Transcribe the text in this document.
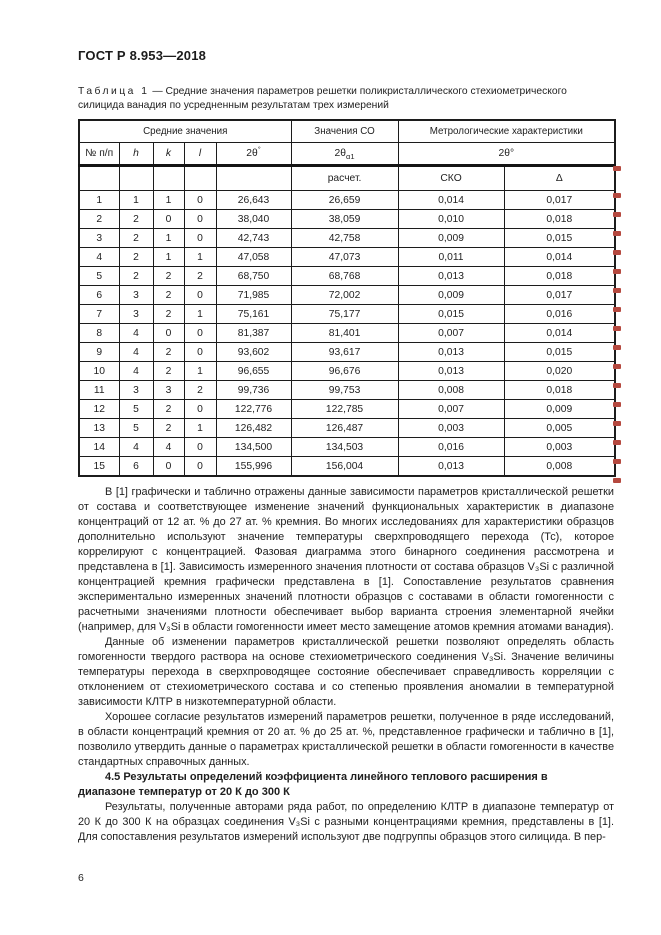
ГОСТ Р 8.953—2018
Таблица 1 — Средние значения параметров решетки поликристаллического стехиометрического силицида ванадия по усредненным результатам трех измерений
Средние значения					Значения СО	Метрологические характеристики	
№ п/п	h	k	l	2θ°	$2\theta_{\alpha 1}$	2θ°	
					расчет.	СКО	Δ
1	1	1	0	26,643	26,659	0,014	0,017
2	2	0	0	38,040	38,059	0,010	0,018
3	2	1	0	42,743	42,758	0,009	0,015
4	2	1	1	47,058	47,073	0,011	0,014
5	2	2	2	68,750	68,768	0,013	0,018
6	3	2	0	71,985	72,002	0,009	0,017
7	3	2	1	75,161	75,177	0,015	0,016
8	4	0	0	81,387	81,401	0,007	0,014
9	4	2	0	93,602	93,617	0,013	0,015
10	4	2	1	96,655	96,676	0,013	0,020
11	3	3	2	99,736	99,753	0,008	0,018
12	5	2	0	122,776	122,785	0,007	0,009
13	5	2	1	126,482	126,487	0,003	0,005
14	4	4	0	134,500	134,503	0,016	0,003
15	6	0	0	155,996	156,004	0,013	0,008

В [1] графически и таблично отражены данные зависимости параметров кристаллической решетки от состава и соответствующее изменение значений функциональных характеристик в диапазоне концентраций от 12 ат. % до 27 ат. % кремния. Во многих исследованиях для характеристики образцов дополнительно используют значение температуры сверхпроводящего перехода (Тс), которое коррелируют с концентрацией. Фазовая диаграмма этого бинарного соединения рассмотрена и представлена в [1]. Зависимость измеренного значения плотности от состава образцов V₃Si с различной концентрацией кремния графически представлена в [1]. Сопоставление результатов сравнения экспериментально измеренных значений плотности образцов с составами в области гомогенности с расчетными значениями плотности обеспечивает выбор варианта строения элементарной ячейки (например, для V₃Si в области гомогенности имеет место замещение атомов кремния атомами ванадия).

Данные об изменении параметров кристаллической решетки позволяют определять область гомогенности твердого раствора на основе стехиометрического соединения V₃Si. Значение величины температуры перехода в сверхпроводящее состояние обеспечивает справедливость корреляции с отклонением от стехиометрического состава и со степенью проявления аномалии в температурной зависимости КЛТР в низкотемпературной области.

Хорошее согласие результатов измерений параметров решетки, полученное в ряде исследований, в области концентраций кремния от 20 ат. % до 25 ат. %, представленное графически и таблично в [1], позволило утвердить данные о параметрах кристаллической решетки в области гомогенности в качестве стандартных справочных данных.

4.5 Результаты определений коэффициента линейного теплового расширения в диапазоне температур от 20 К до 300 К

Результаты, полученные авторами ряда работ, по определению КЛТР в диапазоне температур от 20 К до 300 К на образцах соединения V₃Si с разными концентрациями кремния, представлены в [1]. Для сопоставления результатов измерений используют две подгруппы образцов этого силицида. В пер-

6
